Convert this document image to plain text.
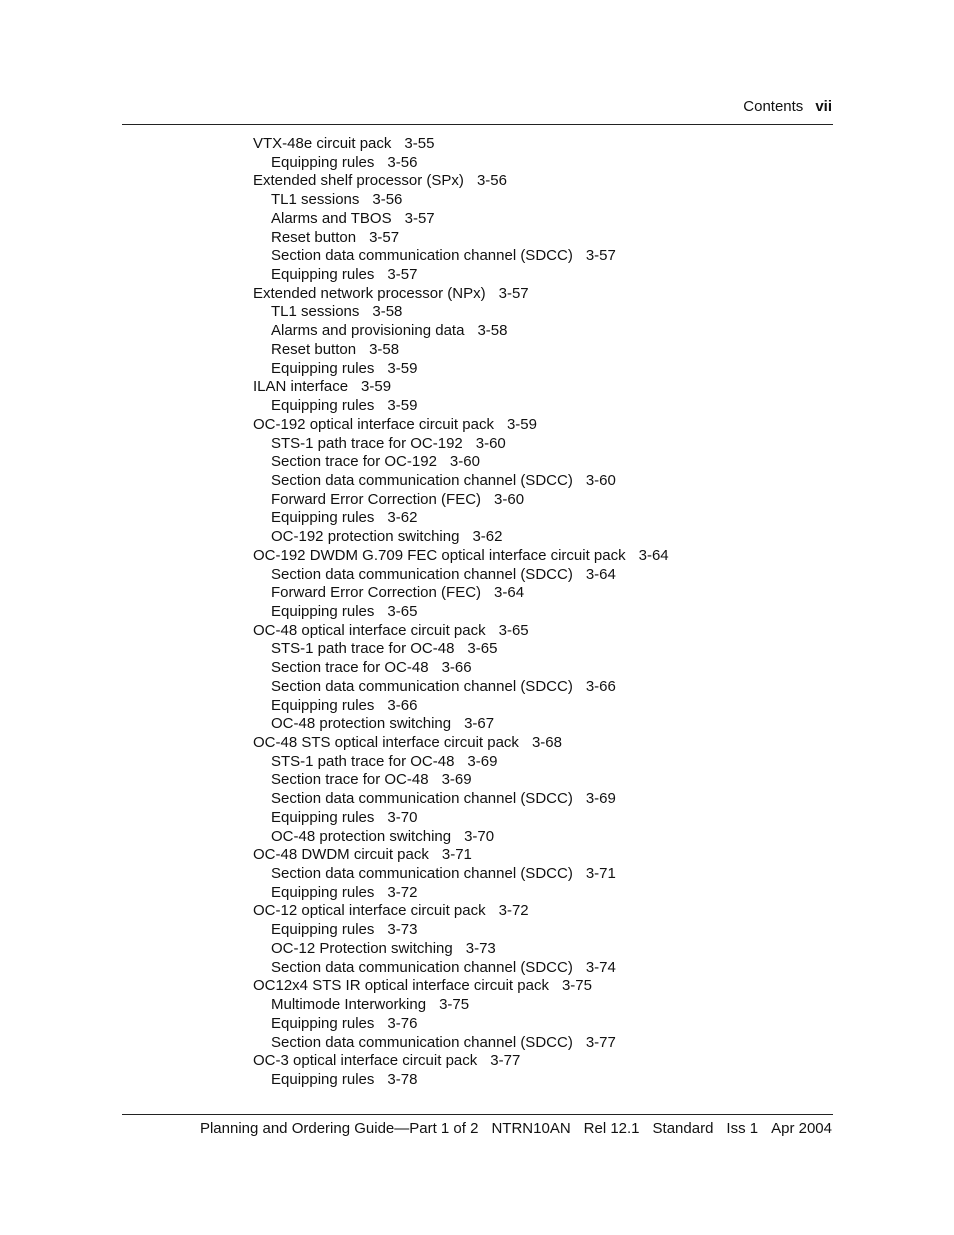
Contents vii
VTX-48e circuit pack 3-55
Equipping rules 3-56
Extended shelf processor (SPx) 3-56
TL1 sessions 3-56
Alarms and TBOS 3-57
Reset button 3-57
Section data communication channel (SDCC) 3-57
Equipping rules 3-57
Extended network processor (NPx) 3-57
TL1 sessions 3-58
Alarms and provisioning data 3-58
Reset button 3-58
Equipping rules 3-59
ILAN interface 3-59
Equipping rules 3-59
OC-192 optical interface circuit pack 3-59
STS-1 path trace for OC-192 3-60
Section trace for OC-192 3-60
Section data communication channel (SDCC) 3-60
Forward Error Correction (FEC) 3-60
Equipping rules 3-62
OC-192 protection switching 3-62
OC-192 DWDM G.709 FEC optical interface circuit pack 3-64
Section data communication channel (SDCC) 3-64
Forward Error Correction (FEC) 3-64
Equipping rules 3-65
OC-48 optical interface circuit pack 3-65
STS-1 path trace for OC-48 3-65
Section trace for OC-48 3-66
Section data communication channel (SDCC) 3-66
Equipping rules 3-66
OC-48 protection switching 3-67
OC-48 STS optical interface circuit pack 3-68
STS-1 path trace for OC-48 3-69
Section trace for OC-48 3-69
Section data communication channel (SDCC) 3-69
Equipping rules 3-70
OC-48 protection switching 3-70
OC-48 DWDM circuit pack 3-71
Section data communication channel (SDCC) 3-71
Equipping rules 3-72
OC-12 optical interface circuit pack 3-72
Equipping rules 3-73
OC-12 Protection switching 3-73
Section data communication channel (SDCC) 3-74
OC12x4 STS IR optical interface circuit pack 3-75
Multimode Interworking 3-75
Equipping rules 3-76
Section data communication channel (SDCC) 3-77
OC-3 optical interface circuit pack 3-77
Equipping rules 3-78
Planning and Ordering Guide—Part 1 of 2 NTRN10AN Rel 12.1 Standard Iss 1 Apr 2004
